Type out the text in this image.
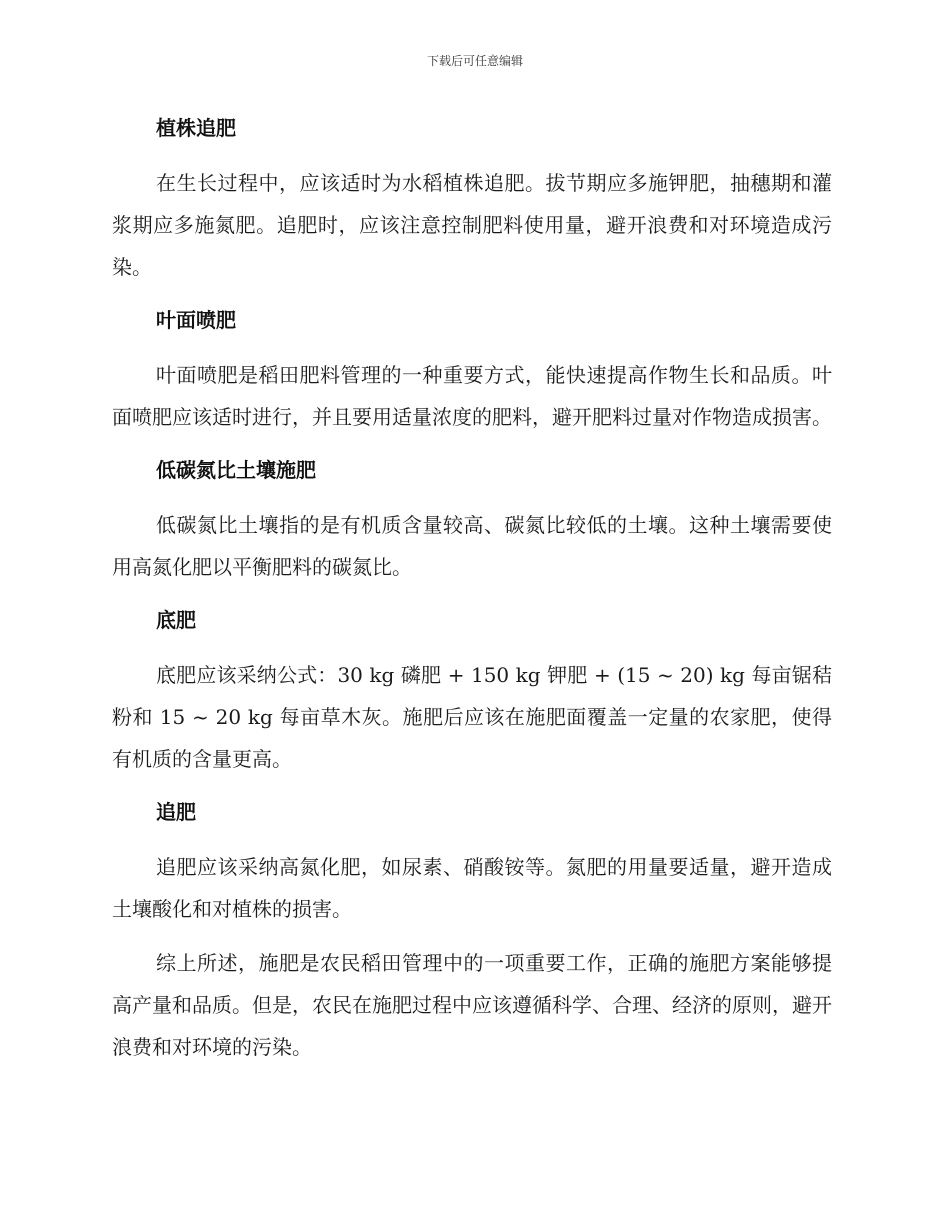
下载后可任意编辑
植株追肥

在生长过程中，应该适时为水稻植株追肥。拔节期应多施钾肥，抽穗期和灌浆期应多施氮肥。追肥时，应该注意控制肥料使用量，避开浪费和对环境造成污染。

叶面喷肥

叶面喷肥是稻田肥料管理的一种重要方式，能快速提高作物生长和品质。叶面喷肥应该适时进行，并且要用适量浓度的肥料，避开肥料过量对作物造成损害。

低碳氮比土壤施肥

低碳氮比土壤指的是有机质含量较高、碳氮比较低的土壤。这种土壤需要使用高氮化肥以平衡肥料的碳氮比。

底肥

底肥应该采纳公式：30 kg 磷肥 + 150 kg 钾肥 + (15 ~ 20) kg 每亩锯秸粉和 15 ~ 20 kg 每亩草木灰。施肥后应该在施肥面覆盖一定量的农家肥，使得有机质的含量更高。

追肥

追肥应该采纳高氮化肥，如尿素、硝酸铵等。氮肥的用量要适量，避开造成土壤酸化和对植株的损害。

综上所述，施肥是农民稻田管理中的一项重要工作，正确的施肥方案能够提高产量和品质。但是，农民在施肥过程中应该遵循科学、合理、经济的原则，避开浪费和对环境的污染。
